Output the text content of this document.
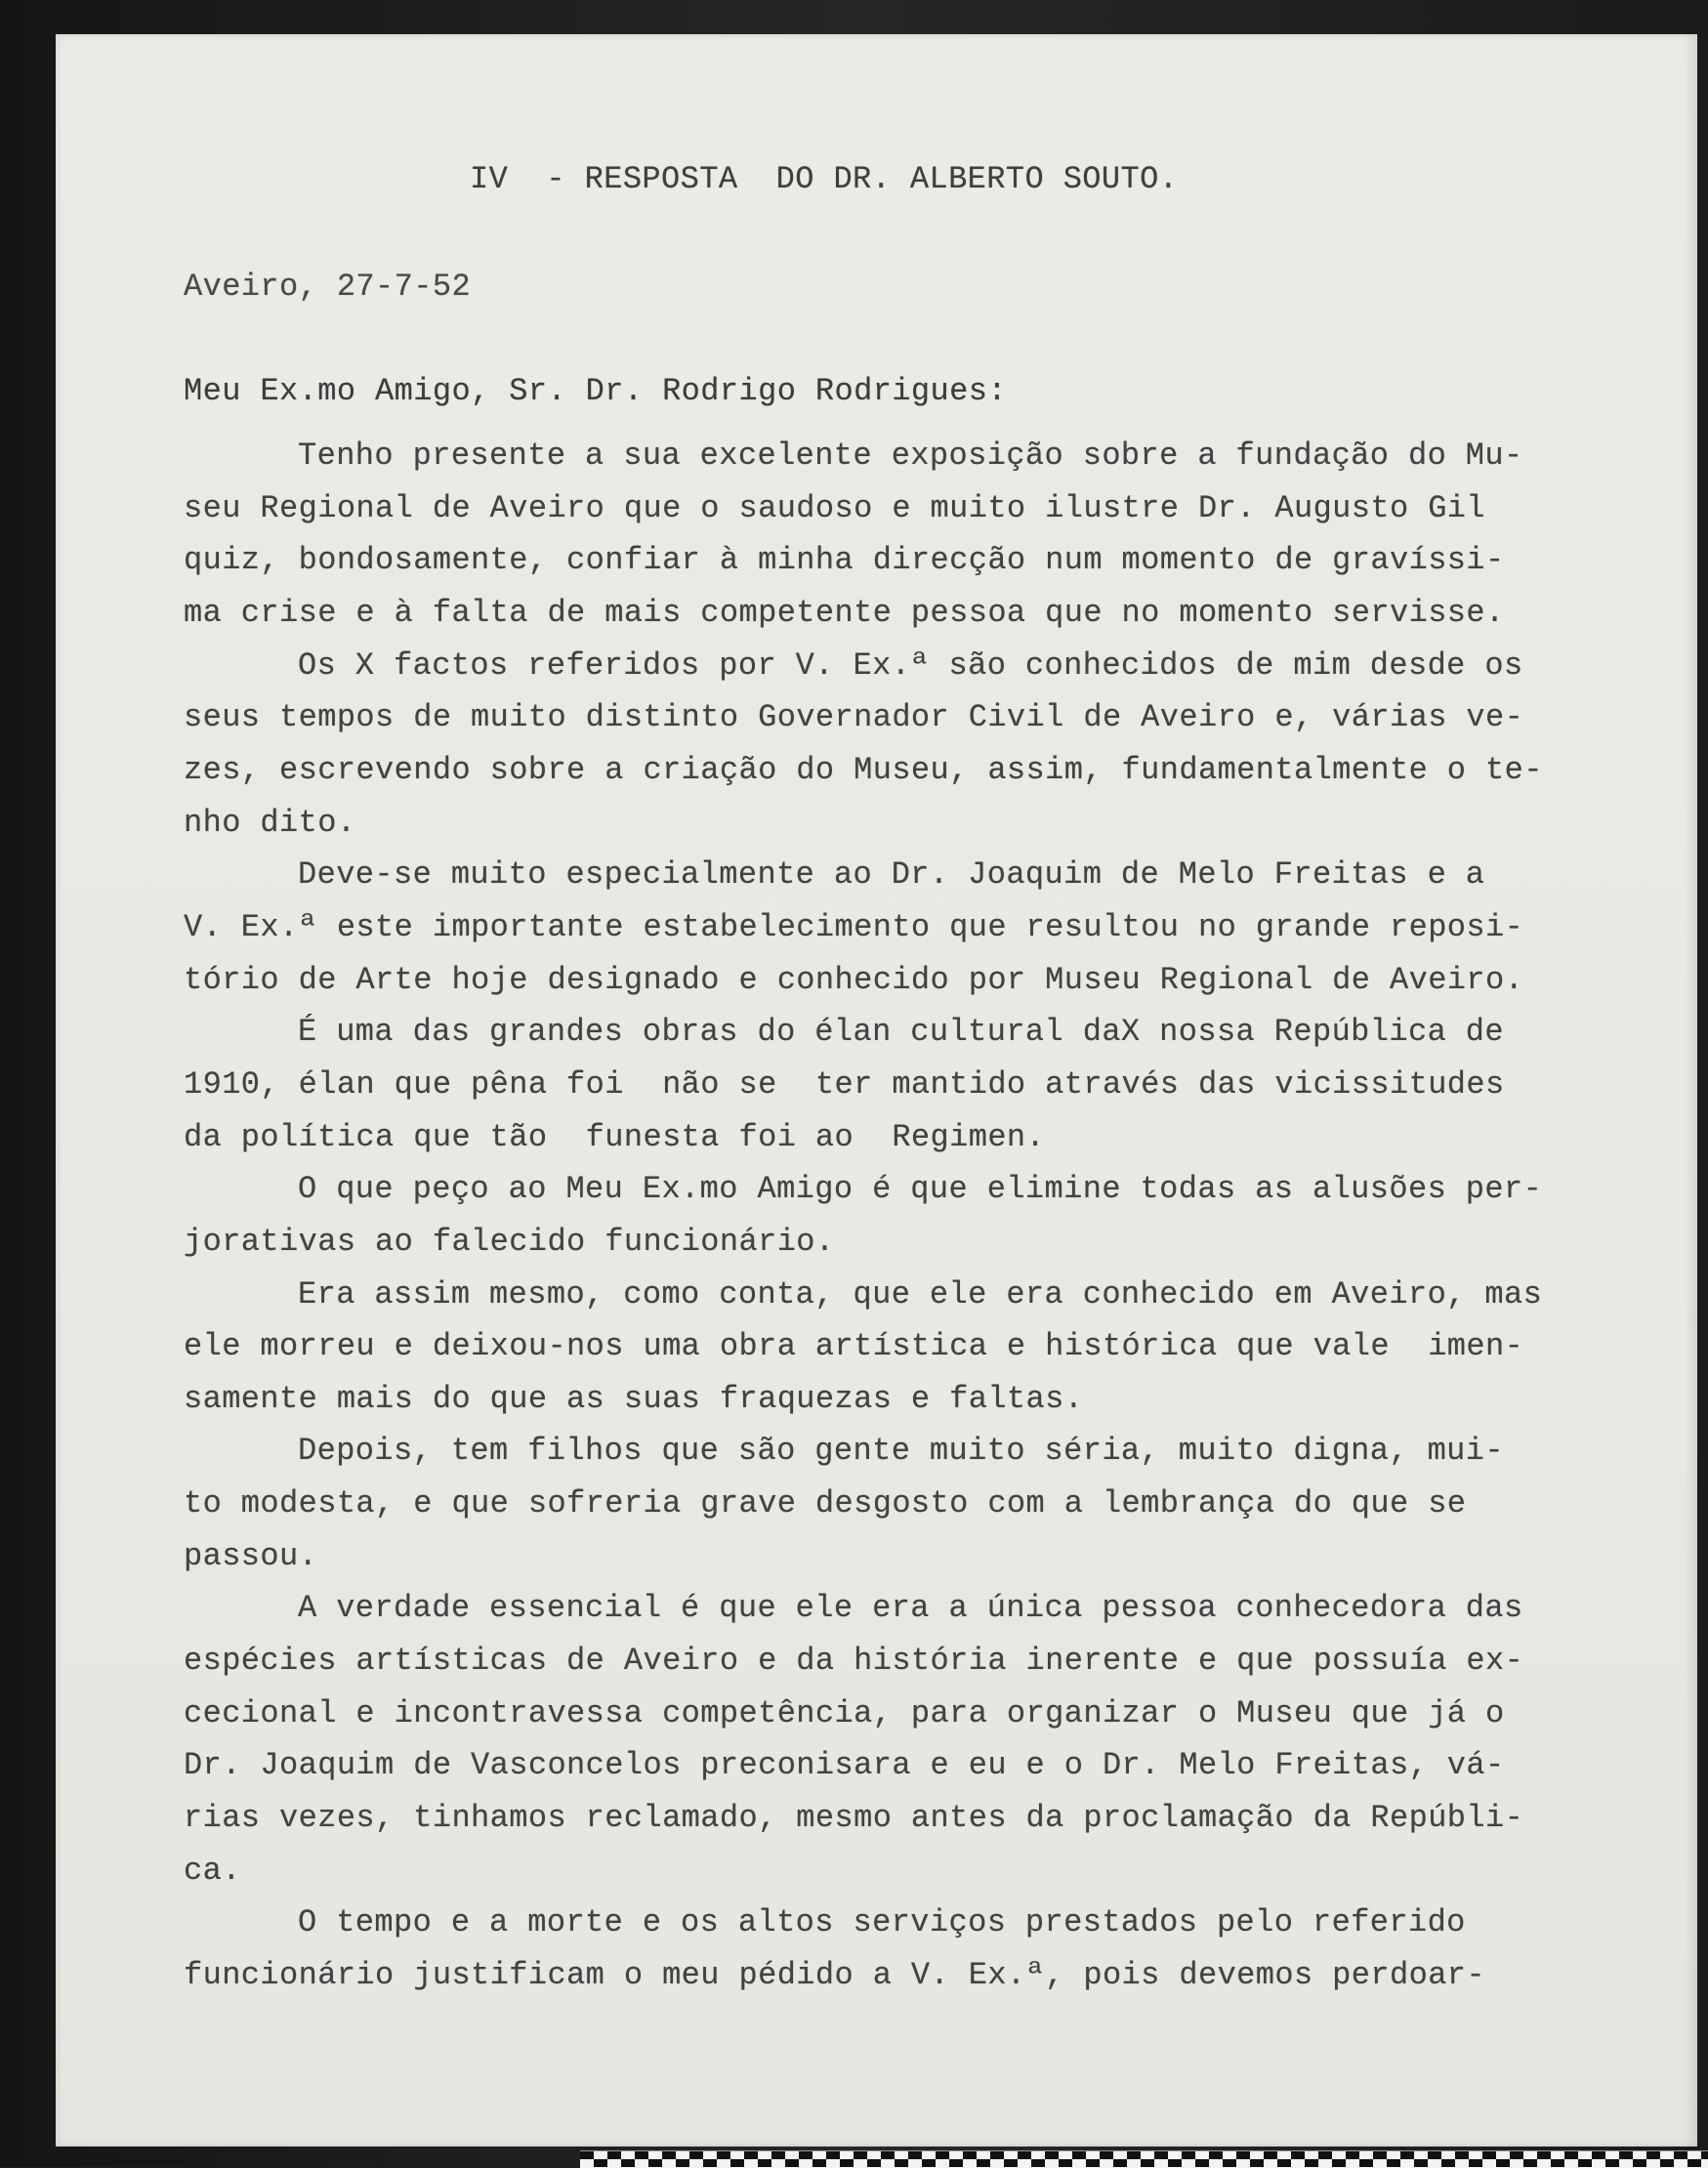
IV  - RESPOSTA  DO DR. ALBERTO SOUTO.
Aveiro, 27-7-52
Meu Ex.mo Amigo, Sr. Dr. Rodrigo Rodrigues:
Tenho presente a sua excelente exposição sobre a fundação do Mu-
seu Regional de Aveiro que o saudoso e muito ilustre Dr. Augusto Gil
quiz, bondosamente, confiar à minha direcção num momento de gravíssi-
ma crise e à falta de mais competente pessoa que no momento servisse.
Os X factos referidos por V. Ex.ª são conhecidos de mim desde os
seus tempos de muito distinto Governador Civil de Aveiro e, várias ve-
zes, escrevendo sobre a criação do Museu, assim, fundamentalmente o te-
nho dito.
Deve-se muito especialmente ao Dr. Joaquim de Melo Freitas e a
V. Ex.ª este importante estabelecimento que resultou no grande reposi-
tório de Arte hoje designado e conhecido por Museu Regional de Aveiro.
É uma das grandes obras do élan cultural daX nossa República de
1910, élan que pêna foi  não se  ter mantido através das vicissitudes
da política que tão  funesta foi ao  Regimen.
O que peço ao Meu Ex.mo Amigo é que elimine todas as alusões per-
jorativas ao falecido funcionário.
Era assim mesmo, como conta, que ele era conhecido em Aveiro, mas
ele morreu e deixou-nos uma obra artística e histórica que vale  imen-
samente mais do que as suas fraquezas e faltas.
Depois, tem filhos que são gente muito séria, muito digna, mui-
to modesta, e que sofreria grave desgosto com a lembrança do que se
passou.
A verdade essencial é que ele era a única pessoa conhecedora das
espécies artísticas de Aveiro e da história inerente e que possuía ex-
cecional e incontravessa competência, para organizar o Museu que já o
Dr. Joaquim de Vasconcelos preconisara e eu e o Dr. Melo Freitas, vá-
rias vezes, tinhamos reclamado, mesmo antes da proclamação da Repúbli-
ca.
O tempo e a morte e os altos serviços prestados pelo referido
funcionário justificam o meu pédido a V. Ex.ª, pois devemos perdoar-
